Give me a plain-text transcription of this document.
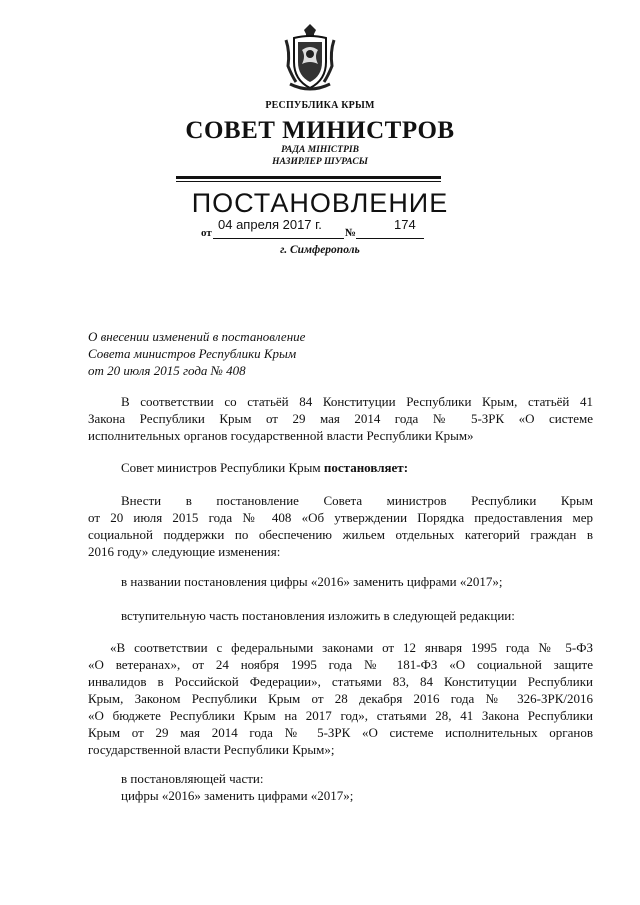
РЕСПУБЛИКА КРЫМ
СОВЕТ МИНИСТРОВ
РАДА МІНІСТРІВ
НАЗИРЛЕР ШУРАСЫ
ПОСТАНОВЛЕНИЕ
от
04 апреля 2017 г.
№
174
г. Симферополь
О внесении изменений в постановление
Совета министров Республики Крым
от 20 июля 2015 года № 408
В соответствии со статьёй 84 Конституции Республики Крым, статьёй 41
Закона Республики Крым от 29 мая 2014 года № 5-ЗРК «О системе
исполнительных органов государственной власти Республики Крым»
Совет министров Республики Крым постановляет:
Внести в постановление Совета министров Республики Крым
от 20 июля 2015 года № 408 «Об утверждении Порядка предоставления мер
социальной поддержки по обеспечению жильем отдельных категорий граждан в
2016 году» следующие изменения:
в названии постановления цифры «2016» заменить цифрами «2017»;
вступительную часть постановления изложить в следующей редакции:
«В соответствии с федеральными законами от 12 января 1995 года № 5-ФЗ
«О ветеранах», от 24 ноября 1995 года № 181-ФЗ «О социальной защите
инвалидов в Российской Федерации», статьями 83, 84 Конституции Республики
Крым, Законом Республики Крым от 28 декабря 2016 года № 326-ЗРК/2016
«О бюджете Республики Крым на 2017 год», статьями 28, 41 Закона Республики
Крым от 29 мая 2014 года № 5-ЗРК «О системе исполнительных органов
государственной власти Республики Крым»;
в постановляющей части:
цифры «2016» заменить цифрами «2017»;
